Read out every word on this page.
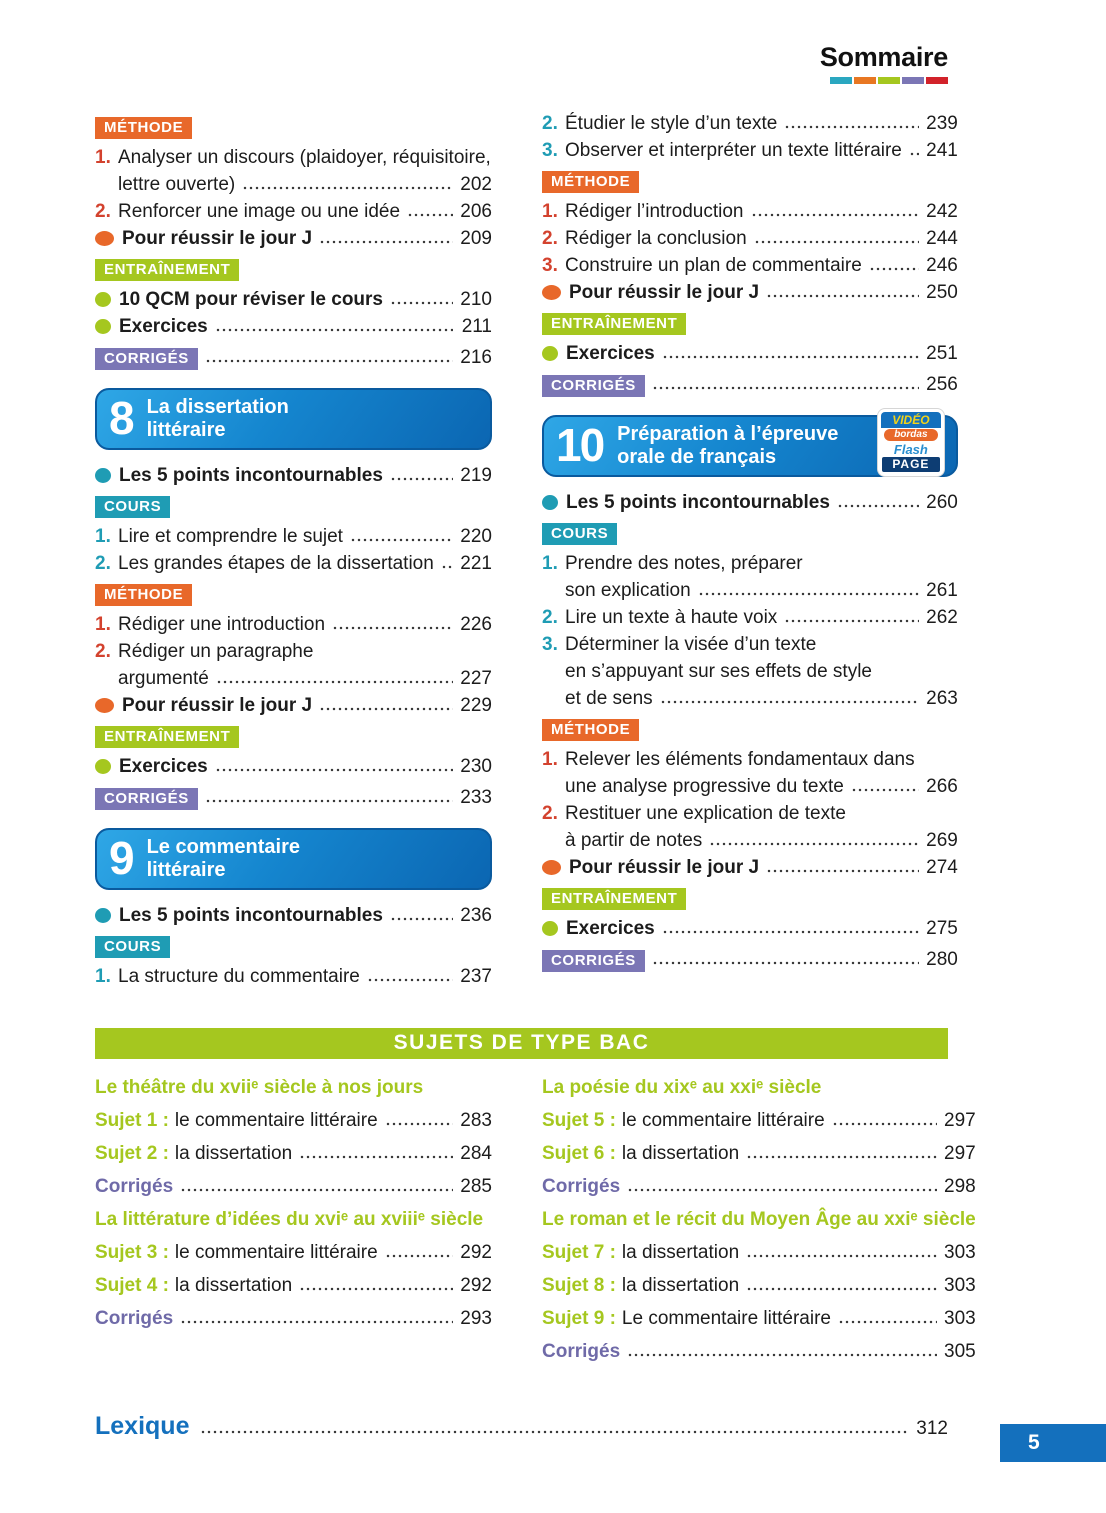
Sommaire
MÉTHODE
1. Analyser un discours (plaidoyer, réquisitoire,
lettre ouverte)	202
2. Renforcer une image ou une idée	206
Pour réussir le jour J	209
ENTRAÎNEMENT
10 QCM pour réviser le cours	210
Exercices	211
CORRIGÉS	216
8 La dissertation
littéraire
Les 5 points incontournables	219
COURS
1. Lire et comprendre le sujet	220
2. Les grandes étapes de la dissertation 221
MÉTHODE
1. Rédiger une introduction	226
2. Rédiger un paragraphe
argumenté	227
Pour réussir le jour J	229
ENTRAÎNEMENT
Exercices	230
CORRIGÉS	233
9 Le commentaire
littéraire
Les 5 points incontournables	236
COURS
1. La structure du commentaire	237
2. Étudier le style d’un texte	239
3. Observer et interpréter un texte littéraire 241
MÉTHODE
1. Rédiger l’introduction	242
2. Rédiger la conclusion	244
3. Construire un plan de commentaire	246
Pour réussir le jour J	250
ENTRAÎNEMENT
Exercices	251
CORRIGÉS	256
10 Préparation à l’épreuve
orale de français
VIDÉO
bordas
Flash
PAGE
Les 5 points incontournables	260
COURS
1. Prendre des notes, préparer
son explication	261
2. Lire un texte à haute voix	262
3. Déterminer la visée d’un texte
en s’appuyant sur ses effets de style
et de sens	263
MÉTHODE
1. Relever les éléments fondamentaux dans
une analyse progressive du texte	266
2. Restituer une explication de texte
à partir de notes	269
Pour réussir le jour J	274
ENTRAÎNEMENT
Exercices	275
CORRIGÉS	280
SUJETS DE TYPE BAC
Le théâtre du xviiᵉ siècle à nos jours
Sujet 1 : le commentaire littéraire	283
Sujet 2 : la dissertation	284
Corrigés	285
La littérature d’idées du xviᵉ au xviiiᵉ siècle
Sujet 3 : le commentaire littéraire	292
Sujet 4 : la dissertation	292
Corrigés	293
La poésie du xixᵉ au xxiᵉ siècle
Sujet 5 : le commentaire littéraire	297
Sujet 6 : la dissertation	297
Corrigés	298
Le roman et le récit du Moyen Âge au xxiᵉ siècle
Sujet 7 : la dissertation	303
Sujet 8 : la dissertation	303
Sujet 9 : Le commentaire littéraire	303
Corrigés	305
Lexique	312
5
